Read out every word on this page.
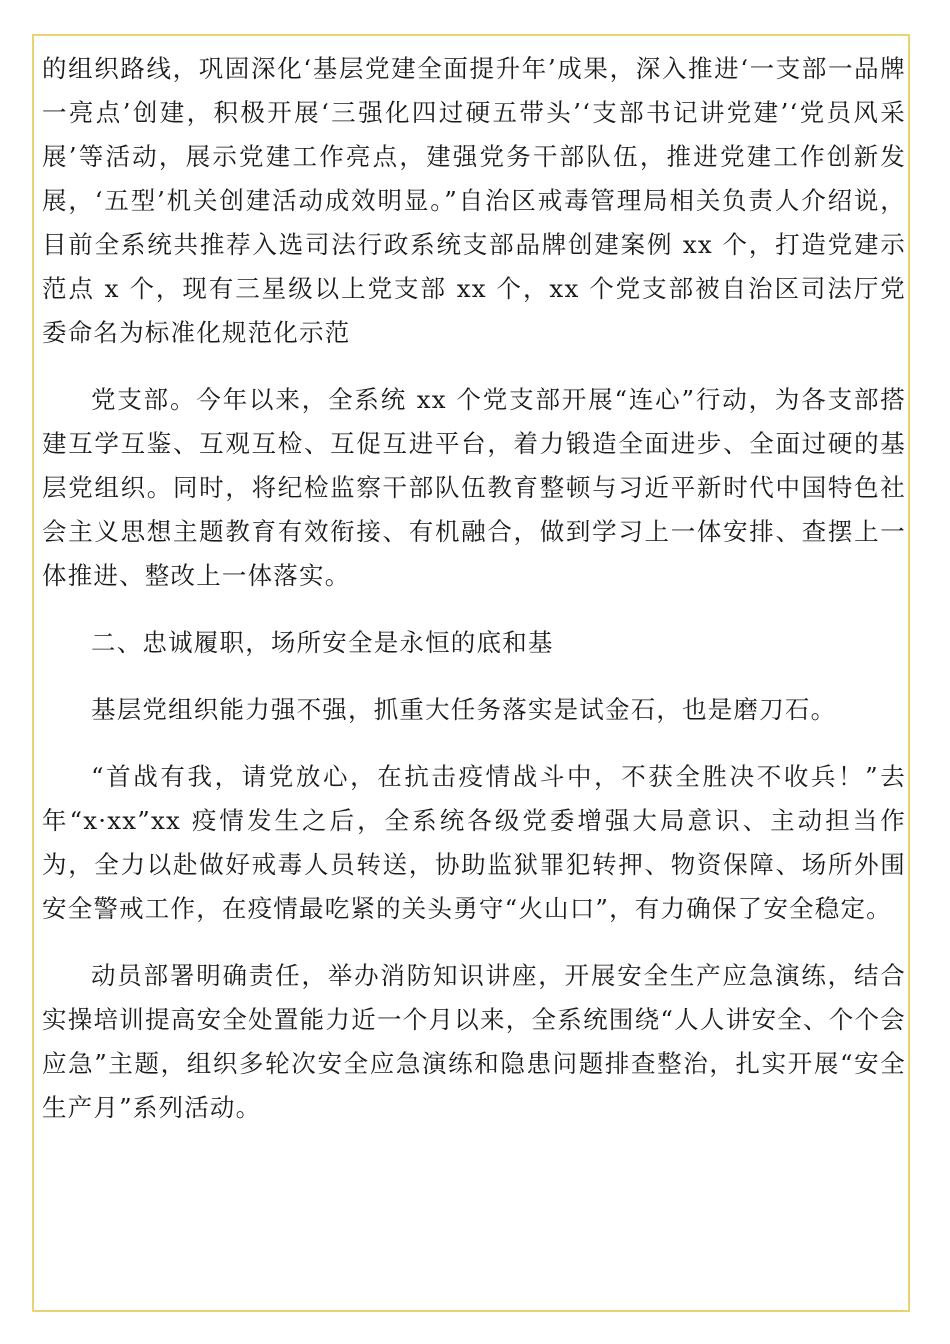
的组织路线，巩固深化‘基层党建全面提升年’成果，深入推进‘一支部一品牌一亮点’创建，积极开展‘三强化四过硬五带头’‘支部书记讲党建’‘党员风采展’等活动，展示党建工作亮点，建强党务干部队伍，推进党建工作创新发展，‘五型’机关创建活动成效明显。”自治区戒毒管理局相关负责人介绍说，目前全系统共推荐入选司法行政系统支部品牌创建案例 xx 个，打造党建示范点 x 个，现有三星级以上党支部 xx 个，xx 个党支部被自治区司法厅党委命名为标准化规范化示范

党支部。今年以来，全系统 xx 个党支部开展“连心”行动，为各支部搭建互学互鉴、互观互检、互促互进平台，着力锻造全面进步、全面过硬的基层党组织。同时，将纪检监察干部队伍教育整顿与习近平新时代中国特色社会主义思想主题教育有效衔接、有机融合，做到学习上一体安排、查摆上一体推进、整改上一体落实。

二、忠诚履职，场所安全是永恒的底和基

基层党组织能力强不强，抓重大任务落实是试金石，也是磨刀石。

“首战有我，请党放心，在抗击疫情战斗中，不获全胜决不收兵！”去年“x·xx”xx 疫情发生之后，全系统各级党委增强大局意识、主动担当作为，全力以赴做好戒毒人员转送，协助监狱罪犯转押、物资保障、场所外围安全警戒工作，在疫情最吃紧的关头勇守“火山口”，有力确保了安全稳定。

动员部署明确责任，举办消防知识讲座，开展安全生产应急演练，结合实操培训提高安全处置能力近一个月以来，全系统围绕“人人讲安全、个个会应急”主题，组织多轮次安全应急演练和隐患问题排查整治，扎实开展“安全生产月”系列活动。
